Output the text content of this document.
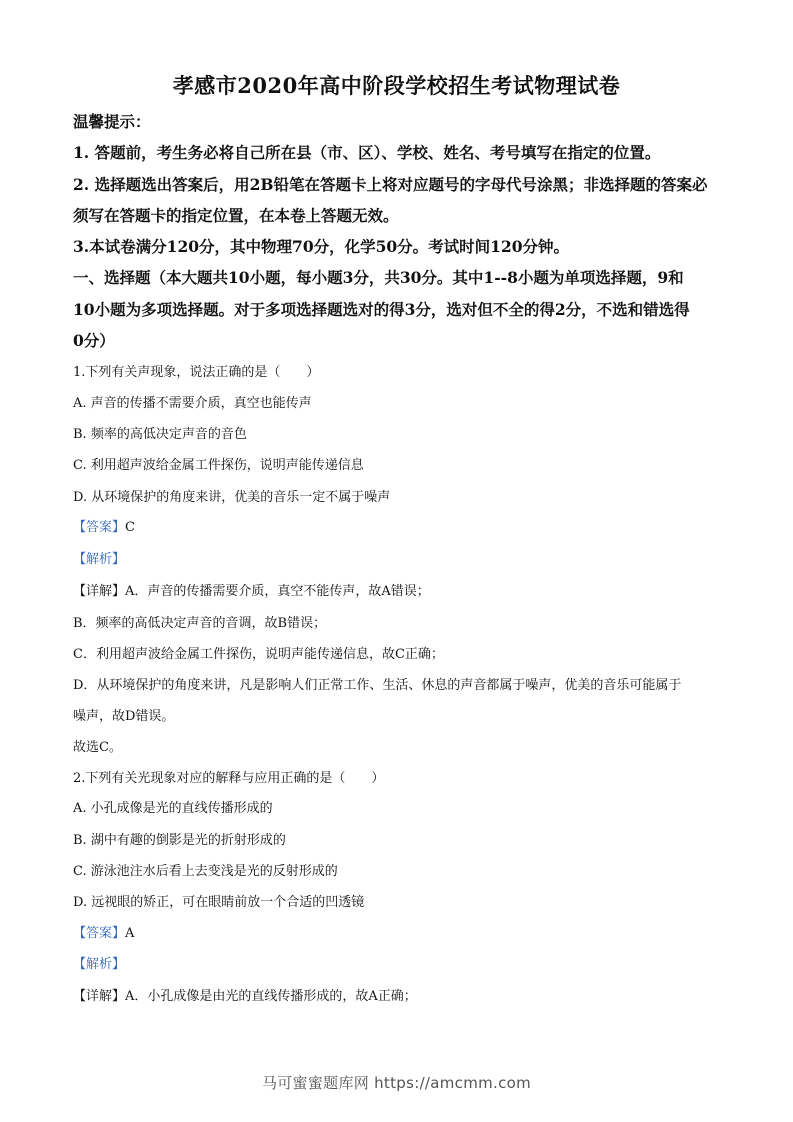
孝感市2020年高中阶段学校招生考试物理试卷
温馨提示：
1. 答题前，考生务必将自己所在县（市、区）、学校、姓名、考号填写在指定的位置。
2. 选择题选出答案后，用2B铅笔在答题卡上将对应题号的字母代号涂黑；非选择题的答案必
须写在答题卡的指定位置，在本卷上答题无效。
3.本试卷满分120分，其中物理70分，化学50分。考试时间120分钟。
一、选择题（本大题共10小题，每小题3分，共30分。其中1--8小题为单项选择题，9和
10小题为多项选择题。对于多项选择题选对的得3分，选对但不全的得2分，不选和错选得
0分）
1.下列有关声现象，说法正确的是（　　）
A. 声音的传播不需要介质，真空也能传声
B. 频率的高低决定声音的音色
C. 利用超声波给金属工件探伤，说明声能传递信息
D. 从环境保护的角度来讲，优美的音乐一定不属于噪声
【答案】C
【解析】
【详解】A．声音的传播需要介质，真空不能传声，故A错误；
B．频率的高低决定声音的音调，故B错误；
C．利用超声波给金属工件探伤，说明声能传递信息，故C正确；
D．从环境保护的角度来讲，凡是影响人们正常工作、生活、休息的声音都属于噪声，优美的音乐可能属于
噪声，故D错误。
故选C。
2.下列有关光现象对应的解释与应用正确的是（　　）
A. 小孔成像是光的直线传播形成的
B. 湖中有趣的倒影是光的折射形成的
C. 游泳池注水后看上去变浅是光的反射形成的
D. 远视眼的矫正，可在眼睛前放一个合适的凹透镜
【答案】A
【解析】
【详解】A．小孔成像是由光的直线传播形成的，故A正确；
马可蜜蜜题库网 https://amcmm.com
